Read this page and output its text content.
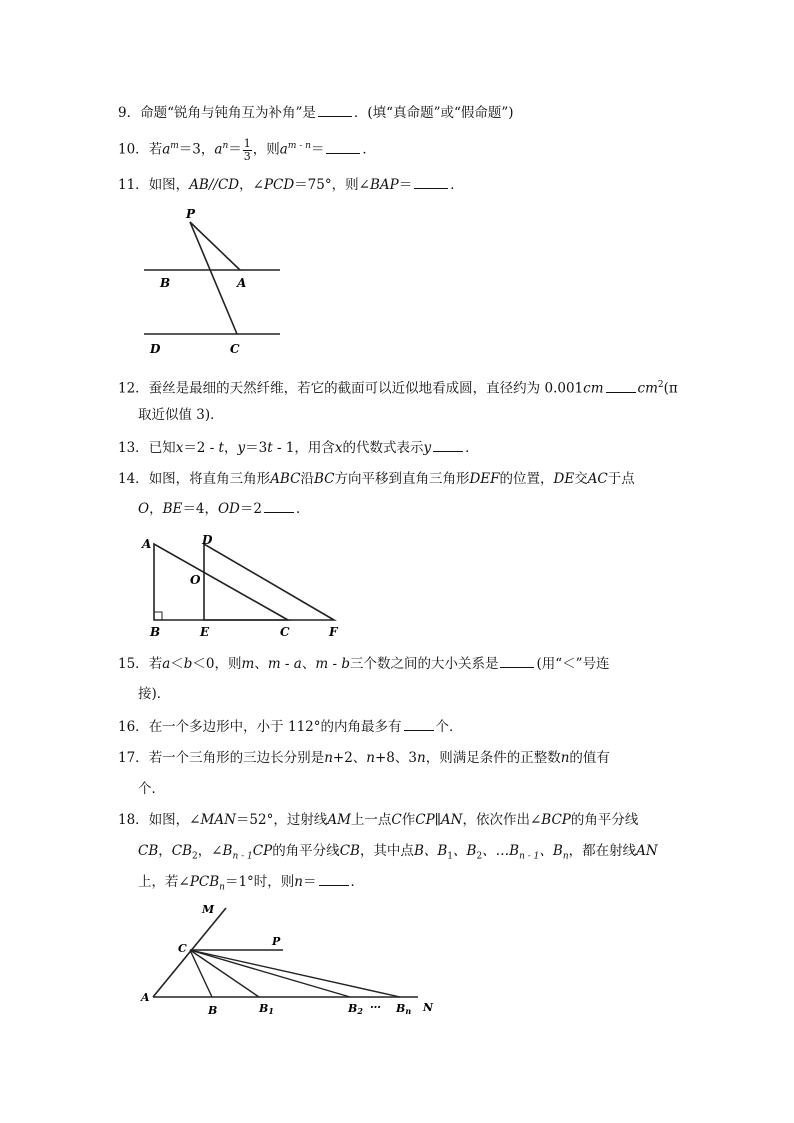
9．命题“锐角与钝角互为补角”是	．(填“真命题”或“假命题”)
10．若$a^m=3$，$a^n= \frac{1}{3}$ ，则$a^{m - n}=$	．
11．如图，AB//CD，∠PCD＝75°，则∠BAP＝	．
P
B	A
D	C
12．蚕丝是最细的天然纤维，若它的截面可以近似地看成圆，直径约为 0.001cm	$cm^2(\pi$
取近似值 3)．
13．已知x＝2 - t，y＝3t - 1，用含x的代数式表示y	．
14．如图，将直角三角形ABC沿BC方向平移到直角三角形DEF的位置，DE交AC于点
O，BE＝4，OD＝2	．
A	D
O
B	E	C	F
15．若a＜b＜0，则m、m - a、m - b三个数之间的大小关系是	(用“＜”号连
接)．
16．在一个多边形中，小于 112°的内角最多有	个．
17．若一个三角形的三边长分别是n+2、n+8、3n，则满足条件的正整数n的值有
个．
18．如图，∠MAN＝52°，过射线AM上一点C作CP∥AN，依次作出∠BCP的角平分线
CB，$CB_2$，$\angle B_{n - 1}CP$的角平分线CB，其中点B、$B_1$、$B_2$、$\dots B_{n - 1}$、$B_n$，都在射线AN
上，若$\angle PCB_n=1^\circ$时，则n＝	．
M
C
P
A
B	B1	B2 … Bn N
